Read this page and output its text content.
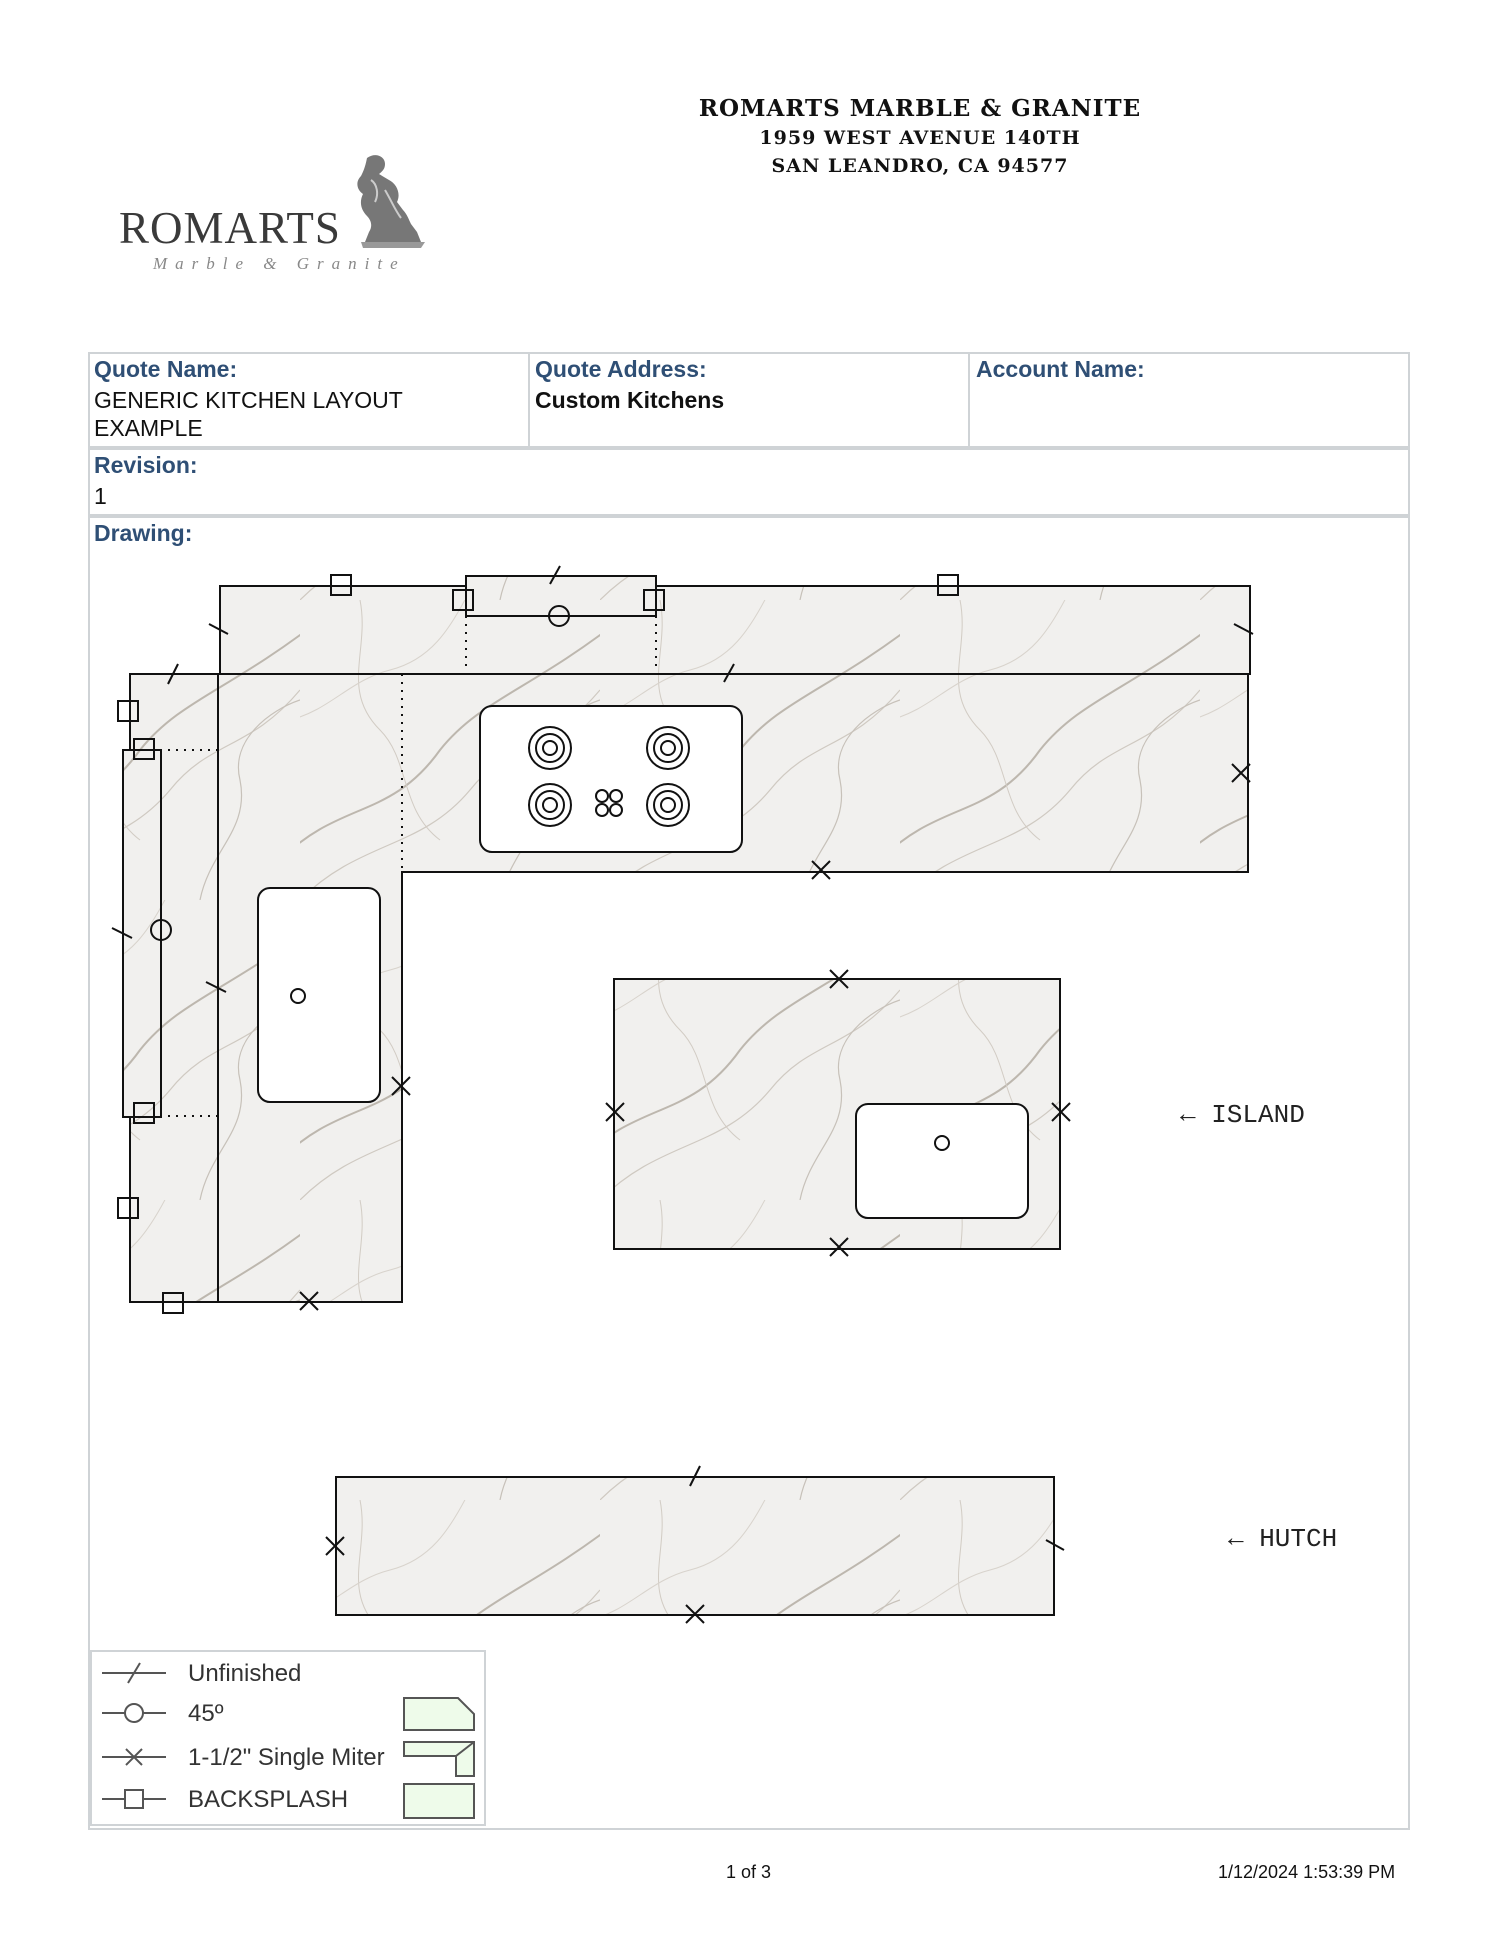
ROMARTS MARBLE & GRANITE
1959 WEST AVENUE 140TH
SAN LEANDRO, CA 94577
ROMARTS
Marble & Granite
Quote Name:
GENERIC KITCHEN LAYOUT
EXAMPLE
Quote Address:
Custom Kitchens
Account Name:
Revision:
1
Drawing:
← ISLAND
← HUTCH
Unfinished
45º
1-1/2" Single Miter
BACKSPLASH
1 of 3	1/12/2024 1:53:39 PM
